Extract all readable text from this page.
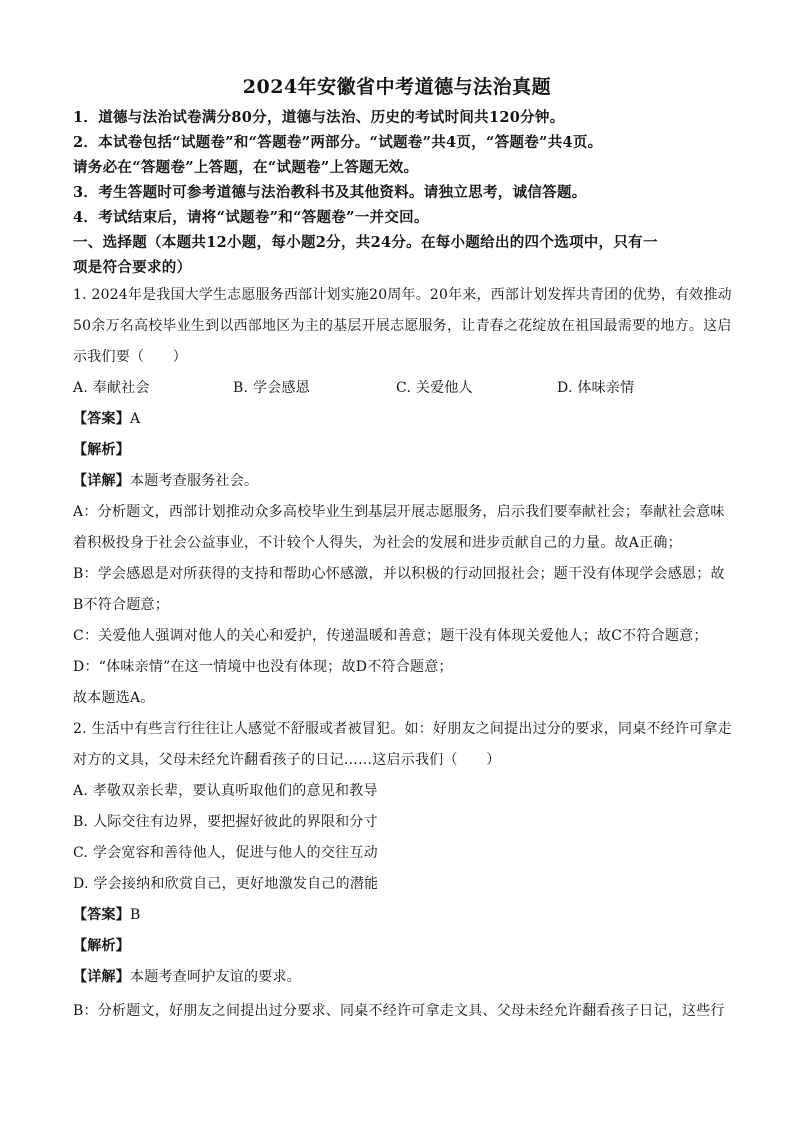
2024年安徽省中考道德与法治真题
1．道德与法治试卷满分80分，道德与法治、历史的考试时间共120分钟。
2．本试卷包括“试题卷”和“答题卷”两部分。“试题卷”共4页，“答题卷”共4页。
请务必在“答题卷”上答题，在“试题卷”上答题无效。
3．考生答题时可参考道德与法治教科书及其他资料。请独立思考，诚信答题。
4．考试结束后，请将“试题卷”和“答题卷”一并交回。
一、选择题（本题共12小题，每小题2分，共24分。在每小题给出的四个选项中，只有一
项是符合要求的）
1. 2024年是我国大学生志愿服务西部计划实施20周年。20年来，西部计划发挥共青团的优势，有效推动
50余万名高校毕业生到以西部地区为主的基层开展志愿服务，让青春之花绽放在祖国最需要的地方。这启
示我们要（　　）
A. 奉献社会	B. 学会感恩	C. 关爱他人	D. 体味亲情
【答案】A
【解析】
【详解】本题考查服务社会。
A：分析题文，西部计划推动众多高校毕业生到基层开展志愿服务，启示我们要奉献社会；奉献社会意味
着积极投身于社会公益事业，不计较个人得失，为社会的发展和进步贡献自己的力量。故A正确；
B：学会感恩是对所获得的支持和帮助心怀感激，并以积极的行动回报社会；题干没有体现学会感恩；故
B不符合题意；
C：关爱他人强调对他人的关心和爱护，传递温暖和善意；题干没有体现关爱他人；故C不符合题意；
D：“体味亲情”在这一情境中也没有体现；故D不符合题意；
故本题选A。
2. 生活中有些言行往往让人感觉不舒服或者被冒犯。如：好朋友之间提出过分的要求，同桌不经许可拿走
对方的文具，父母未经允许翻看孩子的日记……这启示我们（　　）
A. 孝敬双亲长辈，要认真听取他们的意见和教导
B. 人际交往有边界，要把握好彼此的界限和分寸
C. 学会宽容和善待他人，促进与他人的交往互动
D. 学会接纳和欣赏自己，更好地激发自己的潜能
【答案】B
【解析】
【详解】本题考查呵护友谊的要求。
B：分析题文，好朋友之间提出过分要求、同桌不经许可拿走文具、父母未经允许翻看孩子日记，这些行
